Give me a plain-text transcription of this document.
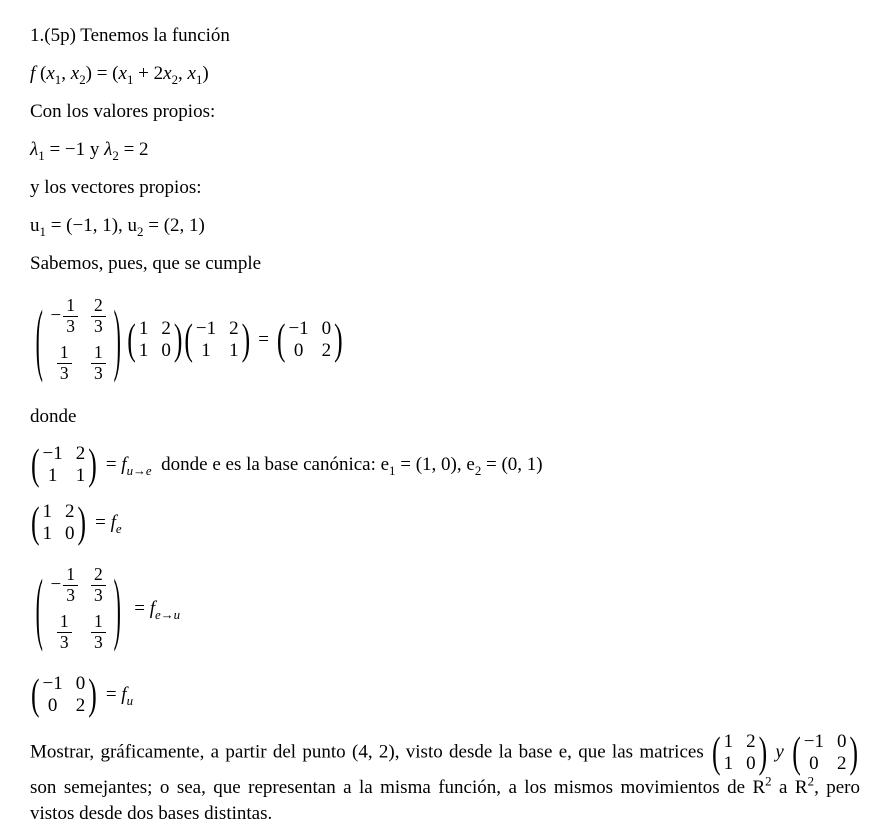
1.(5p) Tenemos la función

f ($x_1$, $x_2) = (x_1 + 2x_2$, $x_1$)

Con los valores propios:

$\lambda_1 = -1$ y $\lambda_2 = 2$

y los vectores propios:

$u_1 = (-1$, 1), $u_2 = (2$, 1)

Sabemos, pues, que se cumple

( − $\frac{1}{3} \frac{2}{3}$
$\frac{1}{3} \frac{1}{3}$ ) ( 1 2
1 0 ) ( −1 2
1 1 ) = ( −1 0
0 2 )

donde

( −1 2
1 1 ) = $f_{u\to e}$  donde e es la base canónica: $e_1 = (1$, 0), $e_2 = (0$, 1)
( 1 2
1 0 ) = $f_e$
( − $\frac{1}{3} \frac{2}{3}$
$\frac{1}{3} \frac{1}{3}$ ) = $f_{e\to u}$
( −1 0
0 2 ) = $f_u$

Mostrar, gráficamente, a partir del punto (4, 2), visto desde la base e, que las matrices ( 1 2
1 0 ) y ( −1 0
0 2 )
son semejantes; o sea, que representan a la misma función, a los mismos movimientos de $R^2$ a $R^2$, pero vistos desde dos bases distintas.
